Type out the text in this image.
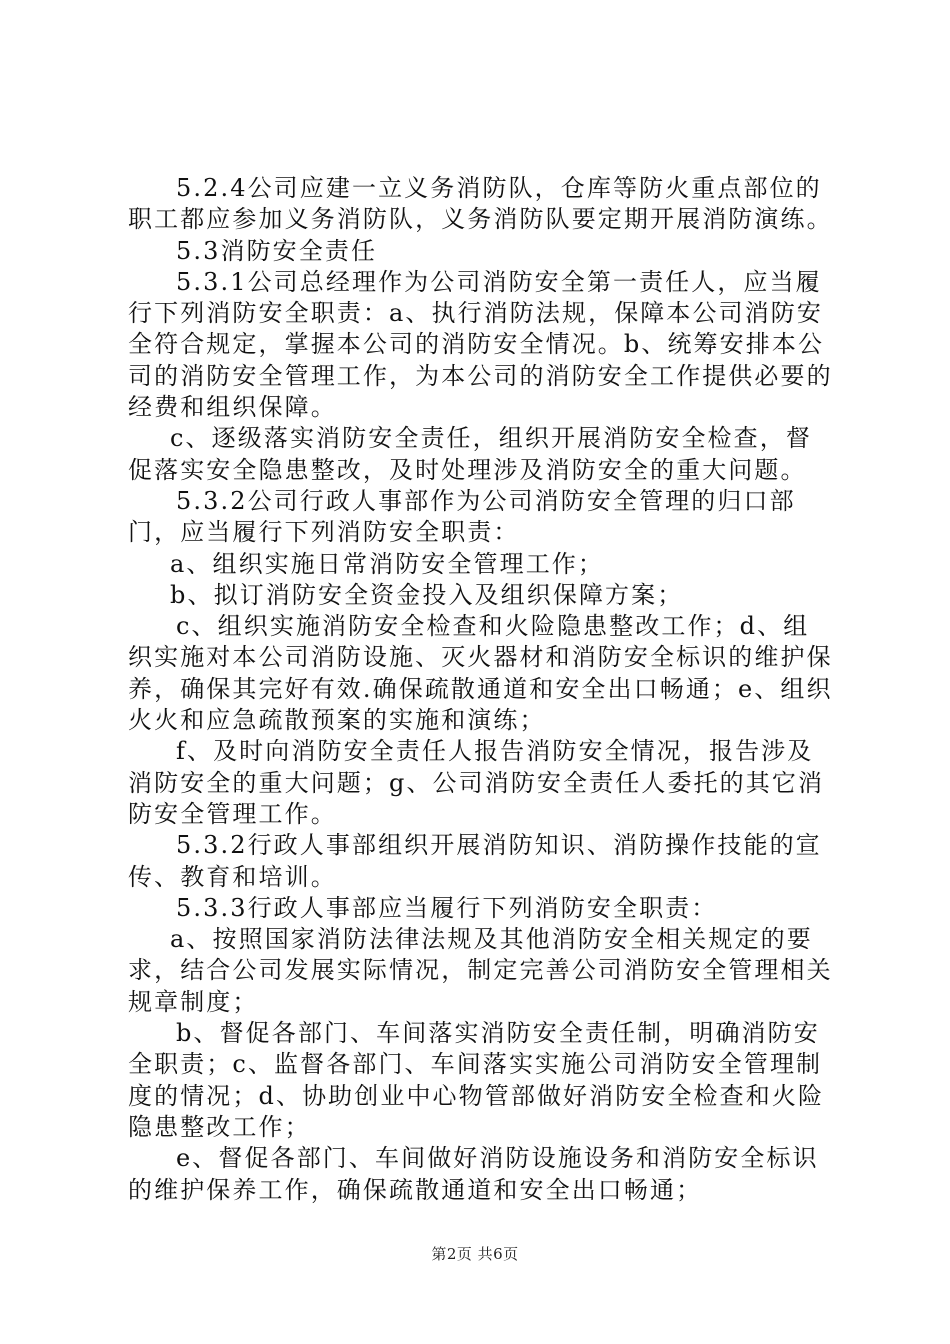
5.2.4公司应建一立义务消防队，仓库等防火重点部位的职工都应参加义务消防队，义务消防队要定期开展消防演练。

5.3消防安全责任

5.3.1公司总经理作为公司消防安全第一责任人，应当履行下列消防安全职责：a、执行消防法规，保障本公司消防安全符合规定，掌握本公司的消防安全情况。b、统筹安排本公司的消防安全管理工作，为本公司的消防安全工作提供必要的经费和组织保障。

c、逐级落实消防安全责任，组织开展消防安全检查，督促落实安全隐患整改，及时处理涉及消防安全的重大问题。

5.3.2公司行政人事部作为公司消防安全管理的归口部门，应当履行下列消防安全职责：

a、组织实施日常消防安全管理工作；

b、拟订消防安全资金投入及组织保障方案；

c、组织实施消防安全检查和火险隐患整改工作；d、组织实施对本公司消防设施、灭火器材和消防安全标识的维护保养，确保其完好有效.确保疏散通道和安全出口畅通；e、组织火火和应急疏散预案的实施和演练；

f、及时向消防安全责任人报告消防安全情况，报告涉及消防安全的重大问题；g、公司消防安全责任人委托的其它消防安全管理工作。

5.3.2行政人事部组织开展消防知识、消防操作技能的宣传、教育和培训。

5.3.3行政人事部应当履行下列消防安全职责：

a、按照国家消防法律法规及其他消防安全相关规定的要求，结合公司发展实际情况，制定完善公司消防安全管理相关规章制度；

b、督促各部门、车间落实消防安全责任制，明确消防安全职责；c、监督各部门、车间落实实施公司消防安全管理制度的情况；d、协助创业中心物管部做好消防安全检查和火险隐患整改工作；

e、督促各部门、车间做好消防设施设务和消防安全标识的维护保养工作，确保疏散通道和安全出口畅通；

第2页 共6页
